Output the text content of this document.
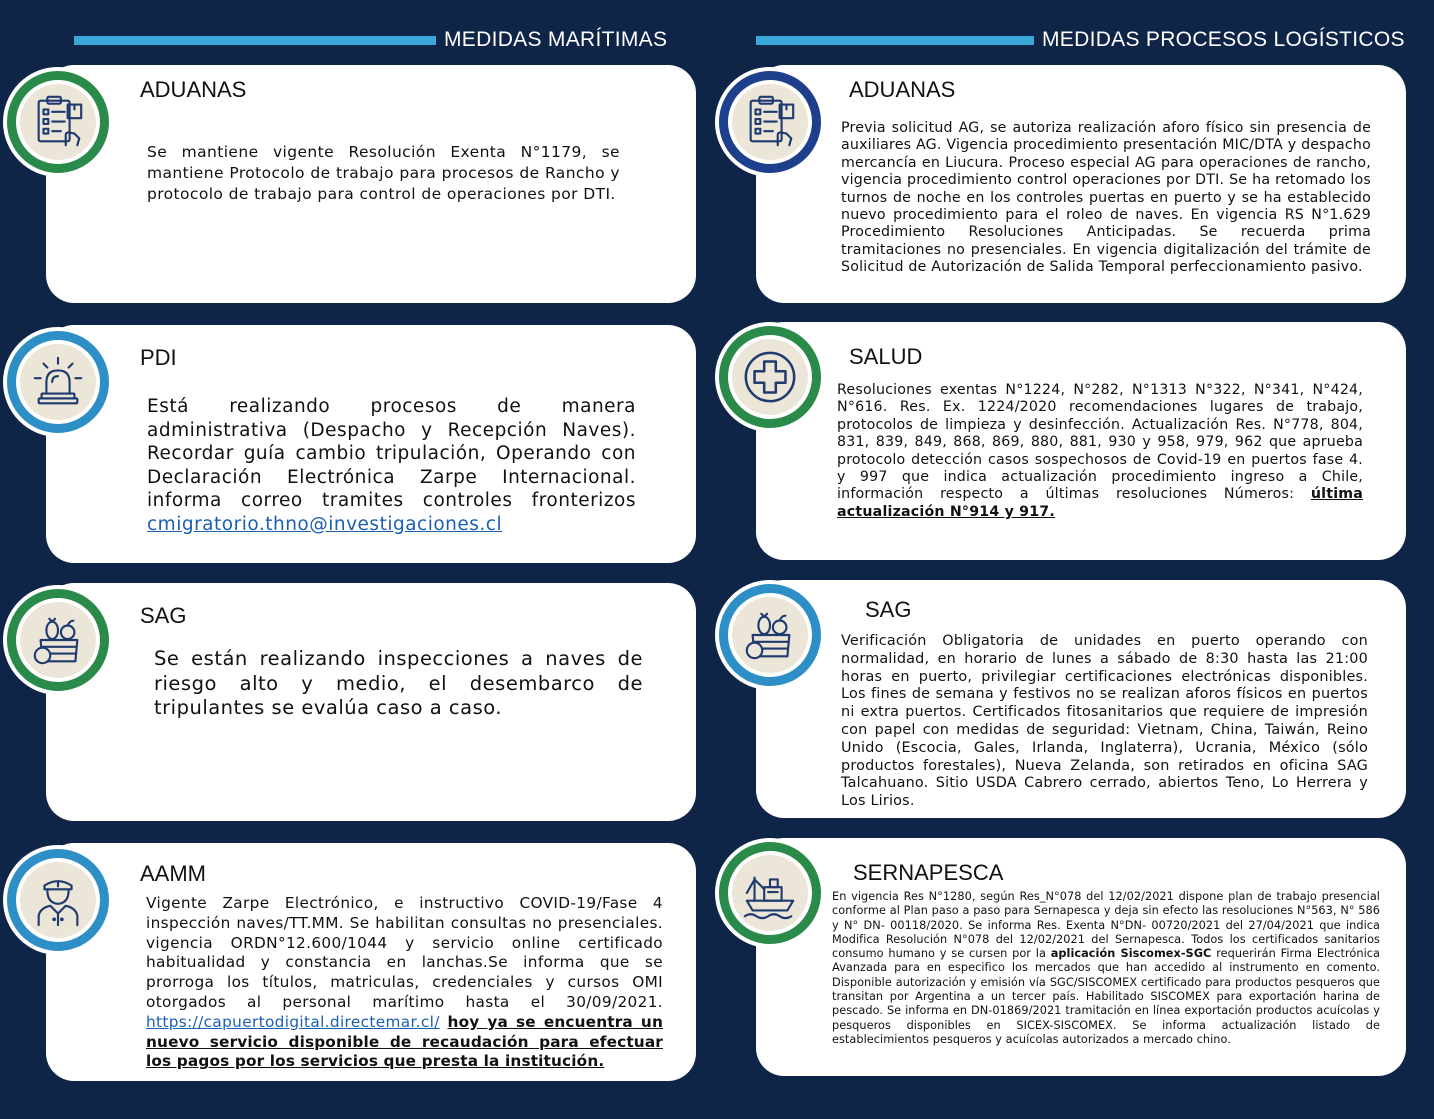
MEDIDAS MARÍTIMAS	MEDIDAS PROCESOS LOGÍSTICOS
ADUANAS
Se mantiene vigente Resolución Exenta N°1179, se mantiene Protocolo de trabajo para procesos de Rancho y protocolo de trabajo para control de operaciones por DTI.
PDI
Está realizando procesos de manera administrativa (Despacho y Recepción Naves). Recordar guía cambio tripulación, Operando con Declaración Electrónica Zarpe Internacional. informa correo tramites controles fronterizos cmigratorio.thno@investigaciones.cl
SAG
Se están realizando inspecciones a naves de riesgo alto y medio, el desembarco de tripulantes se evalúa caso a caso.
AAMM
Vigente Zarpe Electrónico, e instructivo COVID-19/Fase 4 inspección naves/TT.MM. Se habilitan consultas no presenciales. vigencia ORDN°12.600/1044 y servicio online certificado habitualidad y constancia en lanchas.Se informa que se prorroga los títulos, matriculas, credenciales y cursos OMI otorgados al personal marítimo hasta el 30/09/2021. https://capuertodigital.directemar.cl/ hoy ya se encuentra un nuevo servicio disponible de recaudación para efectuar los pagos por los servicios que presta la institución.
ADUANAS
Previa solicitud AG, se autoriza realización aforo físico sin presencia de auxiliares AG. Vigencia procedimiento presentación MIC/DTA y despacho mercancía en Liucura. Proceso especial AG para operaciones de rancho, vigencia procedimiento control operaciones por DTI. Se ha retomado los turnos de noche en los controles puertas en puerto y se ha establecido nuevo procedimiento para el roleo de naves. En vigencia RS N°1.629 Procedimiento Resoluciones Anticipadas. Se recuerda prima tramitaciones no presenciales. En vigencia digitalización del trámite de Solicitud de Autorización de Salida Temporal perfeccionamiento pasivo.
SALUD
Resoluciones exentas N°1224, N°282, N°1313 N°322, N°341, N°424, N°616. Res. Ex. 1224/2020 recomendaciones lugares de trabajo, protocolos de limpieza y desinfección. Actualización Res. N°778, 804, 831, 839, 849, 868, 869, 880, 881, 930 y 958, 979, 962 que aprueba protocolo detección casos sospechosos de Covid-19 en puertos fase 4. y 997 que indica actualización procedimiento ingreso a Chile, información respecto a últimas resoluciones Números: última actualización N°914 y 917.
SAG
Verificación Obligatoria de unidades en puerto operando con normalidad, en horario de lunes a sábado de 8:30 hasta las 21:00 horas en puerto, privilegiar certificaciones electrónicas disponibles. Los fines de semana y festivos no se realizan aforos físicos en puertos ni extra puertos. Certificados fitosanitarios que requiere de impresión con papel con medidas de seguridad: Vietnam, China, Taiwán, Reino Unido (Escocia, Gales, Irlanda, Inglaterra), Ucrania, México (sólo productos forestales), Nueva Zelanda, son retirados en oficina SAG Talcahuano. Sitio USDA Cabrero cerrado, abiertos Teno, Lo Herrera y Los Lirios.
SERNAPESCA
En vigencia Res N°1280, según Res_N°078 del 12/02/2021 dispone plan de trabajo presencial conforme al Plan paso a paso para Sernapesca y deja sin efecto las resoluciones N°563, N° 586 y N° DN- 00118/2020. Se informa Res. Exenta N°DN- 00720/2021 del 27/04/2021 que indica Modifica Resolución N°078 del 12/02/2021 del Sernapesca. Todos los certificados sanitarios consumo humano y se cursen por la aplicación Siscomex-SGC requerirán Firma Electrónica Avanzada para en especifico los mercados que han accedido al instrumento en comento. Disponible autorización y emisión vía SGC/SISCOMEX certificado para productos pesqueros que transitan por Argentina a un tercer país. Habilitado SISCOMEX para exportación harina de pescado. Se informa en DN-01869/2021 tramitación en línea exportación productos acuícolas y pesqueros disponibles en SICEX-SISCOMEX. Se informa actualización listado de establecimientos pesqueros y acuícolas autorizados a mercado chino.
